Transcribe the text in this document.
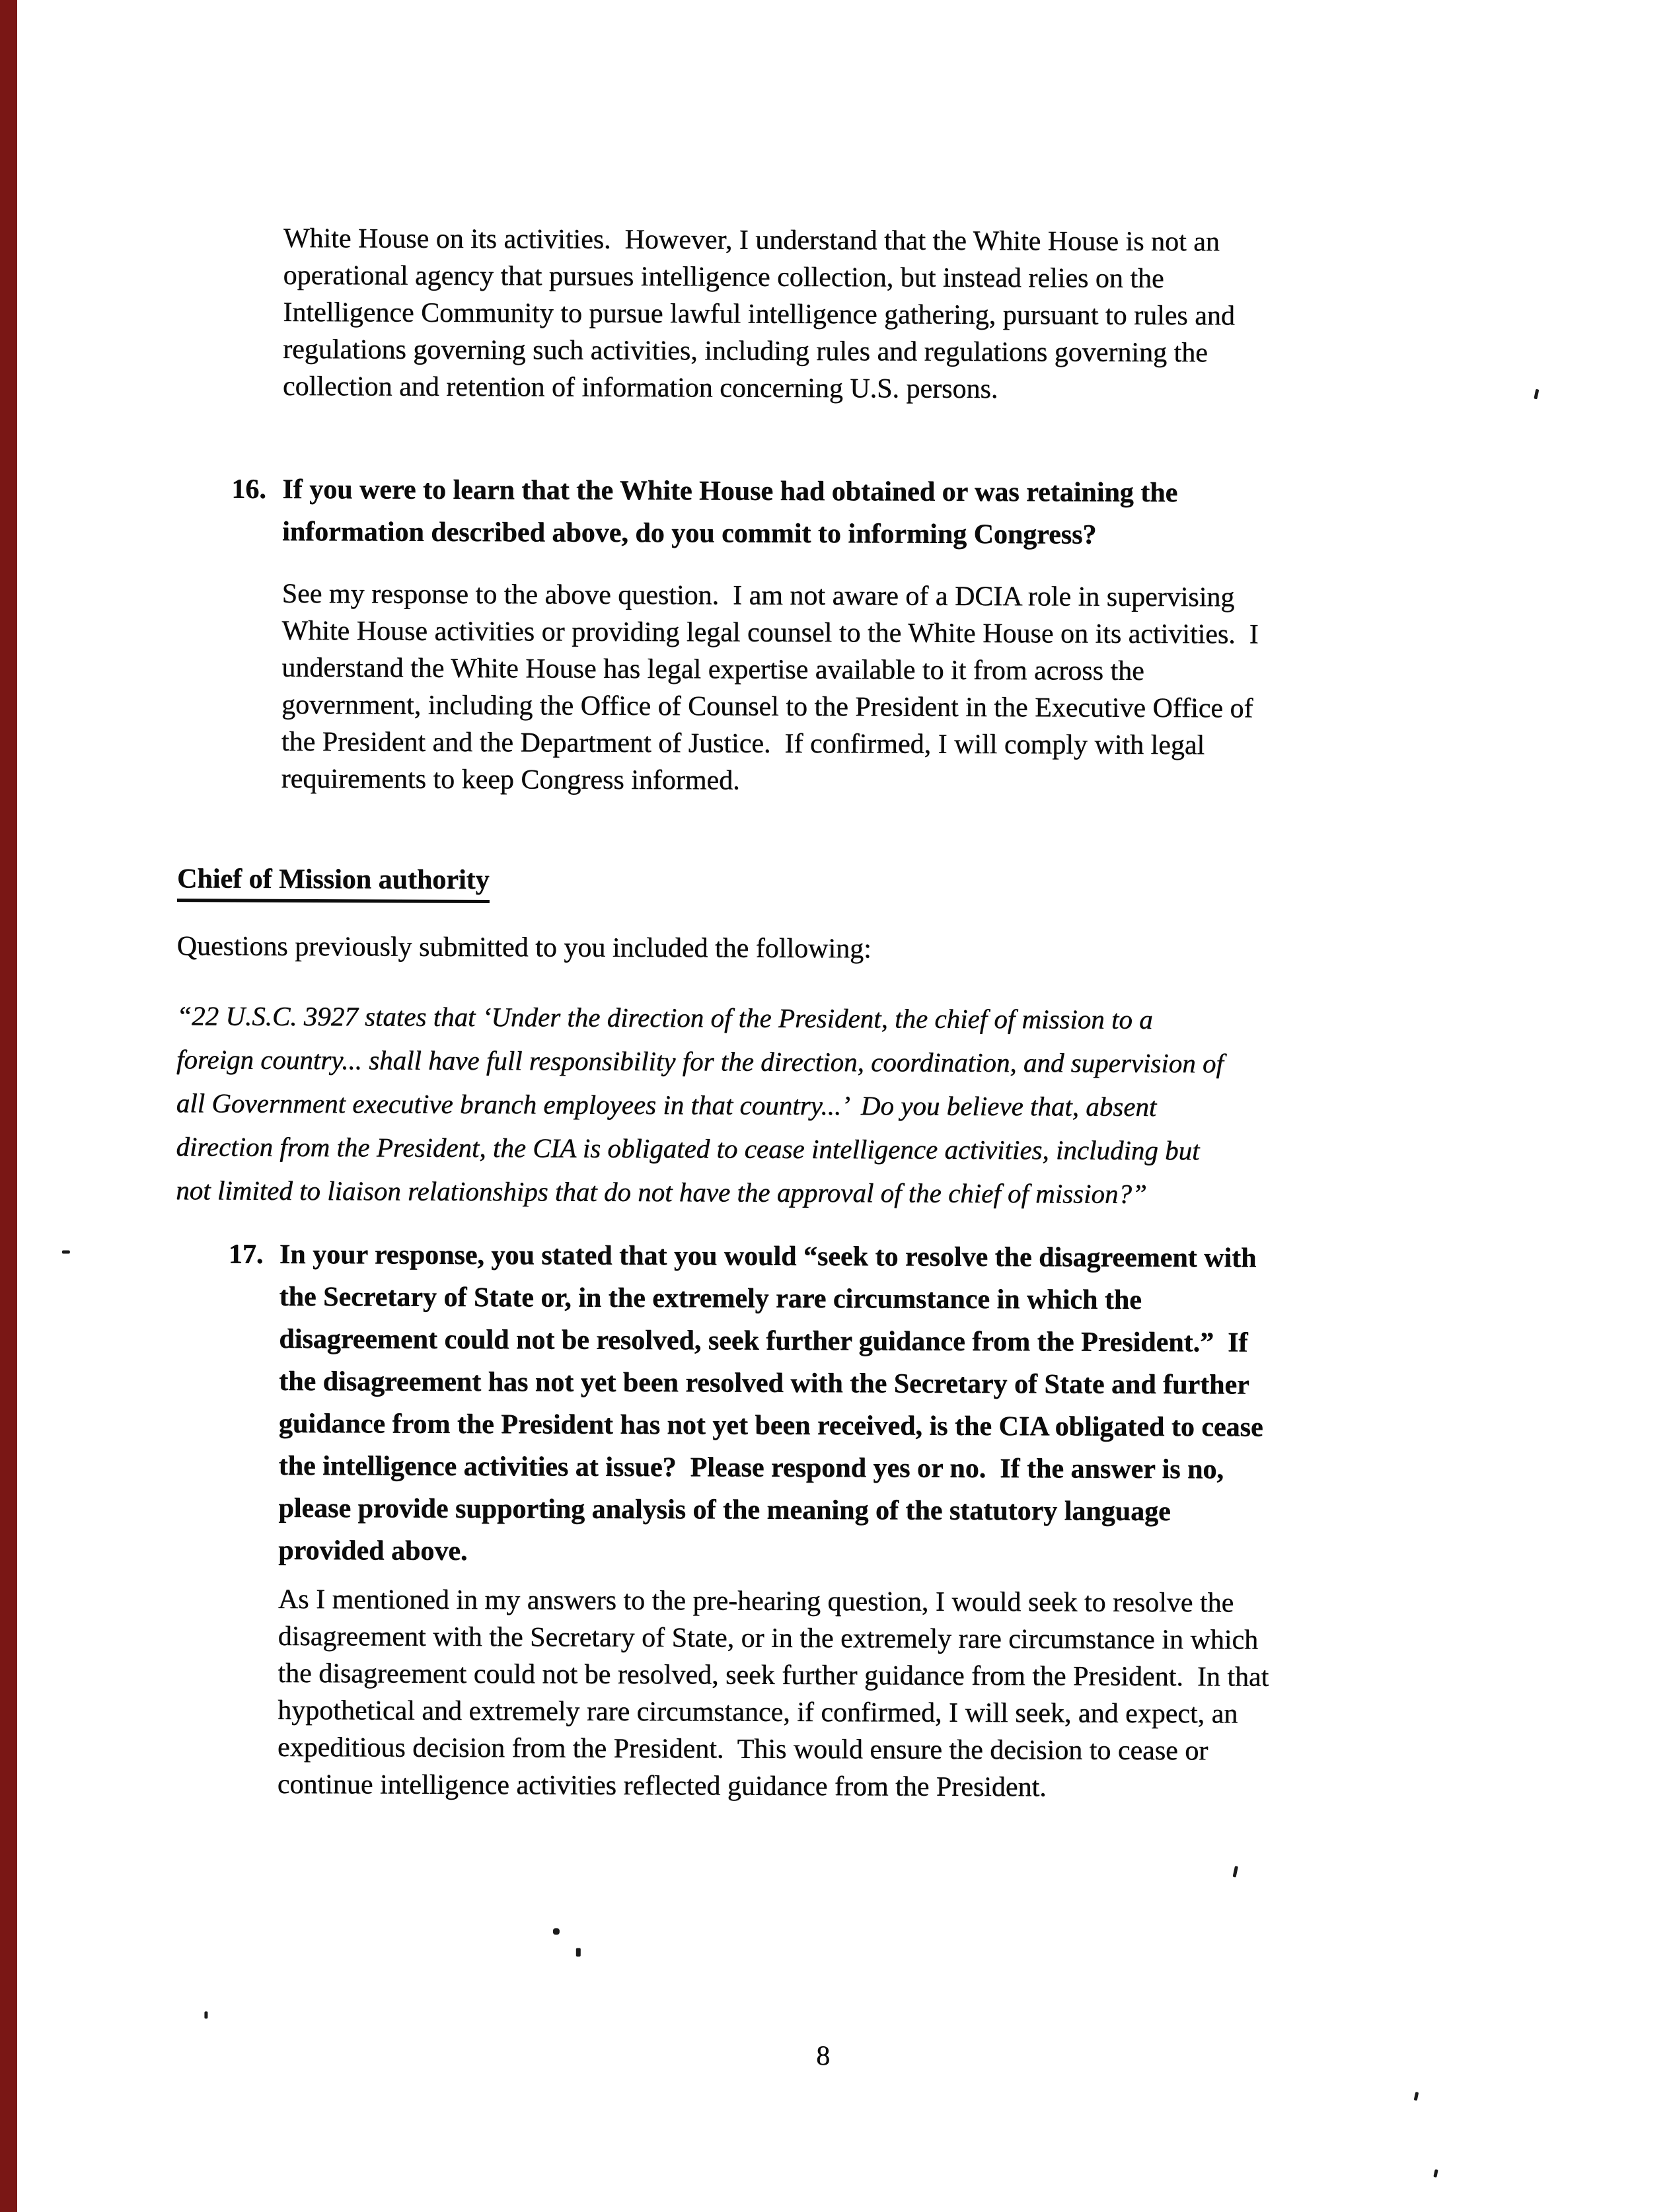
White House on its activities.  However, I understand that the White House is not an
operational agency that pursues intelligence collection, but instead relies on the
Intelligence Community to pursue lawful intelligence gathering, pursuant to rules and
regulations governing such activities, including rules and regulations governing the
collection and retention of information concerning U.S. persons.
16. If you were to learn that the White House had obtained or was retaining the
information described above, do you commit to informing Congress?
See my response to the above question.  I am not aware of a DCIA role in supervising
White House activities or providing legal counsel to the White House on its activities.  I
understand the White House has legal expertise available to it from across the
government, including the Office of Counsel to the President in the Executive Office of
the President and the Department of Justice.  If confirmed, I will comply with legal
requirements to keep Congress informed.
Chief of Mission authority
Questions previously submitted to you included the following:
“22 U.S.C. 3927 states that ‘Under the direction of the President, the chief of mission to a
foreign country... shall have full responsibility for the direction, coordination, and supervision of
all Government executive branch employees in that country...’  Do you believe that, absent
direction from the President, the CIA is obligated to cease intelligence activities, including but
not limited to liaison relationships that do not have the approval of the chief of mission?”
17. In your response, you stated that you would “seek to resolve the disagreement with
the Secretary of State or, in the extremely rare circumstance in which the
disagreement could not be resolved, seek further guidance from the President.”  If
the disagreement has not yet been resolved with the Secretary of State and further
guidance from the President has not yet been received, is the CIA obligated to cease
the intelligence activities at issue?  Please respond yes or no.  If the answer is no,
please provide supporting analysis of the meaning of the statutory language
provided above.
As I mentioned in my answers to the pre-hearing question, I would seek to resolve the
disagreement with the Secretary of State, or in the extremely rare circumstance in which
the disagreement could not be resolved, seek further guidance from the President.  In that
hypothetical and extremely rare circumstance, if confirmed, I will seek, and expect, an
expeditious decision from the President.  This would ensure the decision to cease or
continue intelligence activities reflected guidance from the President.
8
